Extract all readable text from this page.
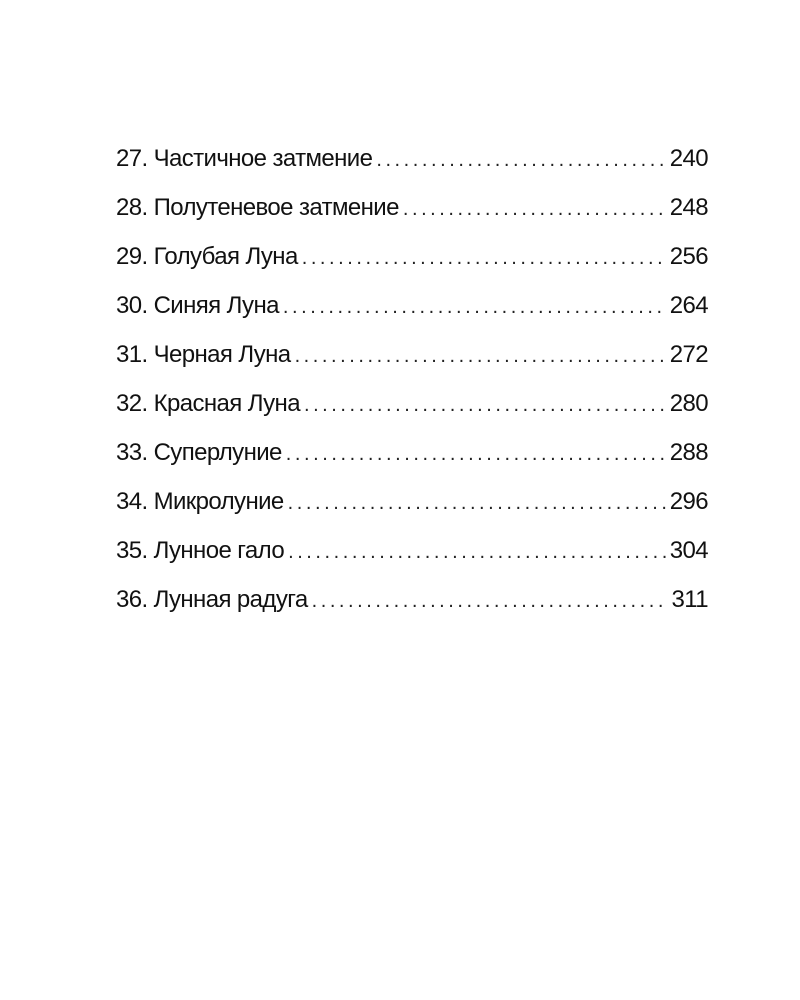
27. Частичное затмение . . .	240
28. Полутеневое затмение . . .	248
29. Голубая Луна . . .	256
30. Синяя Луна . . .	264
31. Черная Луна . . .	272
32. Красная Луна . . .	280
33. Суперлуние . . .	288
34. Микролуние . . .	296
35. Лунное гало . . .	304
36. Лунная радуга . . .	311
